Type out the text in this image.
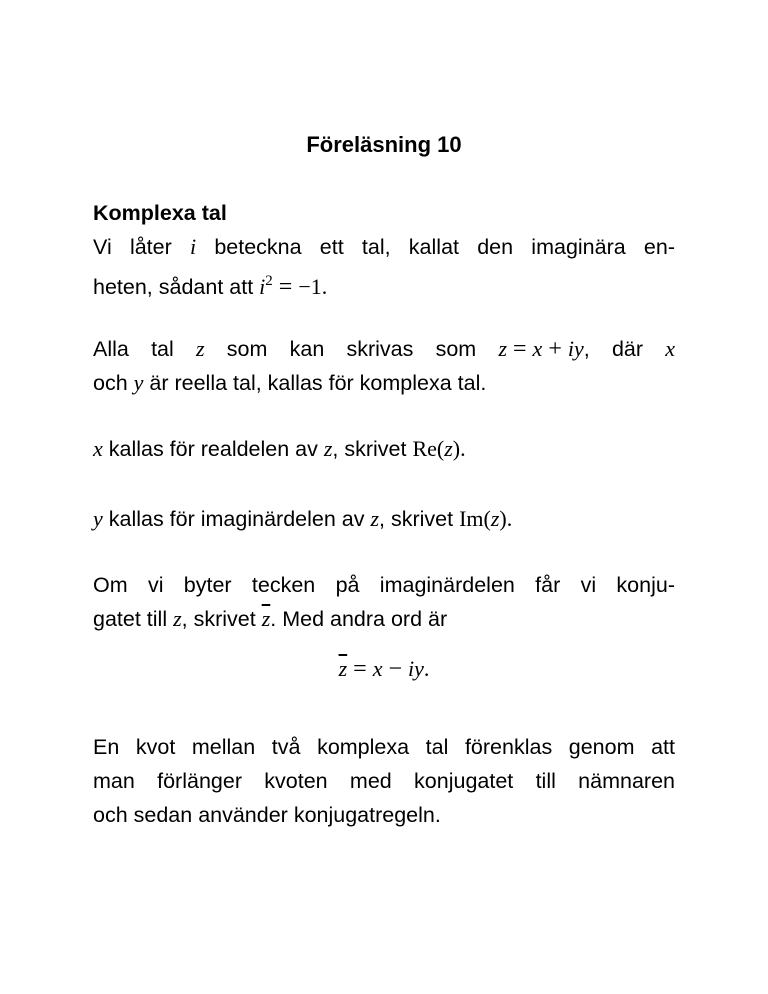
Föreläsning 10
Komplexa tal
Vi låter i beteckna ett tal, kallat den imaginära en-
heten, sådant att $i^2 = -1$.
Alla tal z som kan skrivas som z = x + iy, där x
och y är reella tal, kallas för komplexa tal.
x kallas för realdelen av z, skrivet Re(z).
y kallas för imaginärdelen av z, skrivet Im(z).
Om vi byter tecken på imaginärdelen får vi konju-
gatet till z, skrivet $\overline{z}$. Med andra ord är
$\overline{z} = x$ − iy.
En kvot mellan två komplexa tal förenklas genom att
man förlänger kvoten med konjugatet till nämnaren
och sedan använder konjugatregeln.
